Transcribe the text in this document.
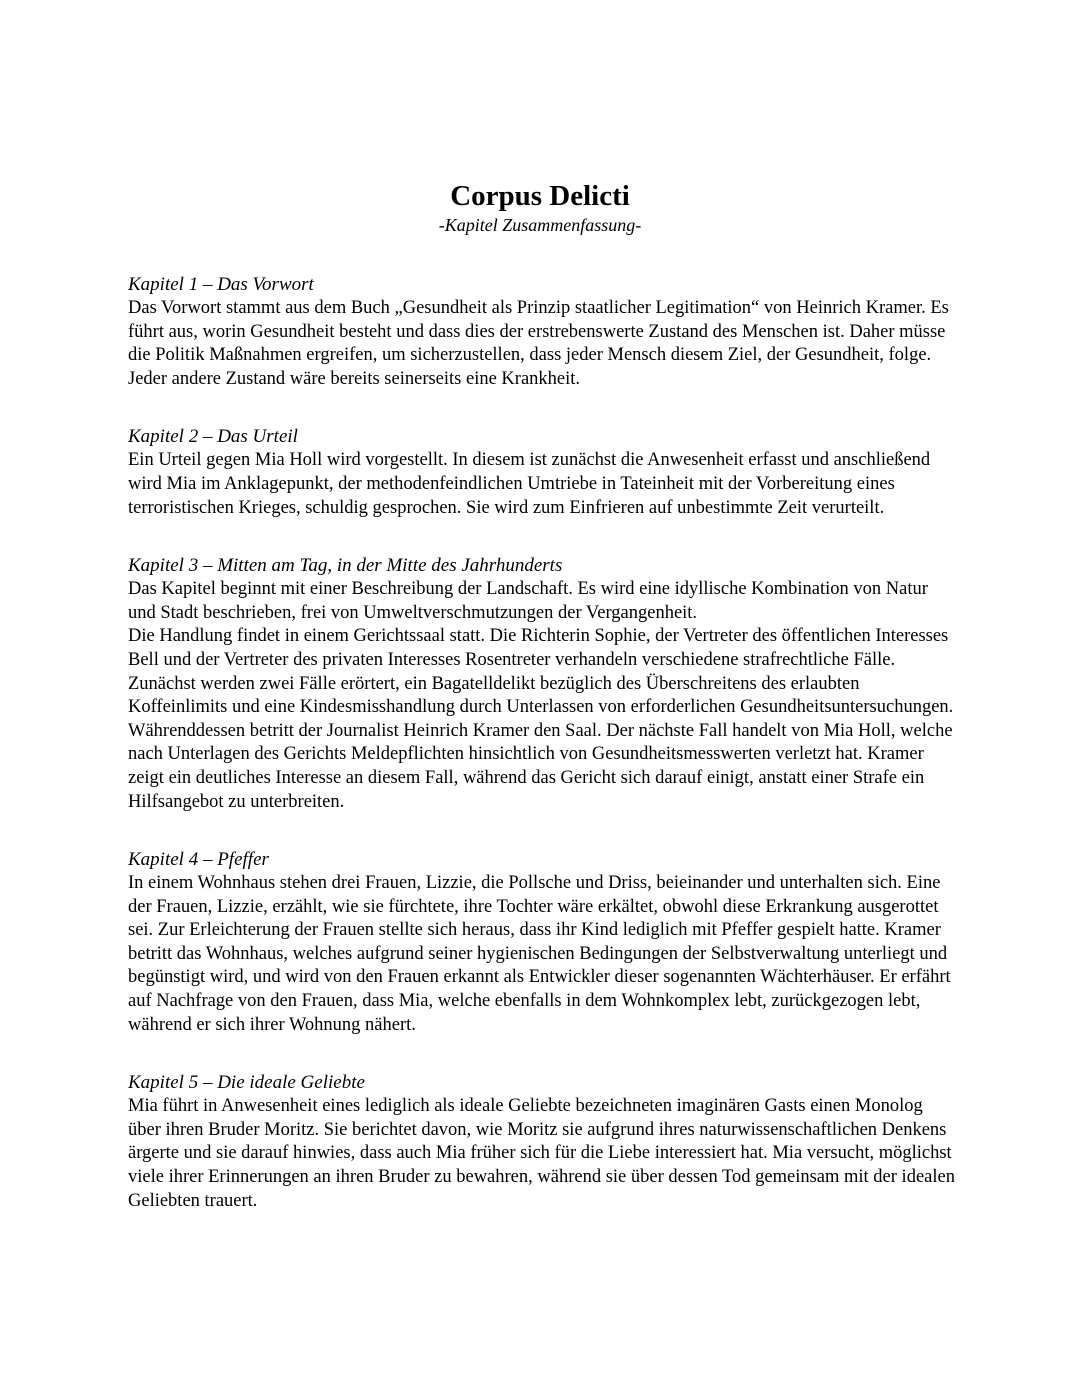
Corpus Delicti

-Kapitel Zusammenfassung-

Kapitel 1 – Das Vorwort

Das Vorwort stammt aus dem Buch „Gesundheit als Prinzip staatlicher Legitimation“ von Heinrich Kramer. Es führt aus, worin Gesundheit besteht und dass dies der erstrebenswerte Zustand des Menschen ist. Daher müsse die Politik Maßnahmen ergreifen, um sicherzustellen, dass jeder Mensch diesem Ziel, der Gesundheit, folge. Jeder andere Zustand wäre bereits seinerseits eine Krankheit.

Kapitel 2 – Das Urteil

Ein Urteil gegen Mia Holl wird vorgestellt. In diesem ist zunächst die Anwesenheit erfasst und anschließend wird Mia im Anklagepunkt, der methodenfeindlichen Umtriebe in Tateinheit mit der Vorbereitung eines terroristischen Krieges, schuldig gesprochen. Sie wird zum Einfrieren auf unbestimmte Zeit verurteilt.

Kapitel 3 – Mitten am Tag, in der Mitte des Jahrhunderts

Das Kapitel beginnt mit einer Beschreibung der Landschaft. Es wird eine idyllische Kombination von Natur und Stadt beschrieben, frei von Umweltverschmutzungen der Vergangenheit.

Die Handlung findet in einem Gerichtssaal statt. Die Richterin Sophie, der Vertreter des öffentlichen Interesses Bell und der Vertreter des privaten Interesses Rosentreter verhandeln verschiedene strafrechtliche Fälle. Zunächst werden zwei Fälle erörtert, ein Bagatelldelikt bezüglich des Überschreitens des erlaubten Koffeinlimits und eine Kindesmisshandlung durch Unterlassen von erforderlichen Gesundheitsuntersuchungen. Währenddessen betritt der Journalist Heinrich Kramer den Saal. Der nächste Fall handelt von Mia Holl, welche nach Unterlagen des Gerichts Meldepflichten hinsichtlich von Gesundheitsmesswerten verletzt hat. Kramer zeigt ein deutliches Interesse an diesem Fall, während das Gericht sich darauf einigt, anstatt einer Strafe ein Hilfsangebot zu unterbreiten.

Kapitel 4 – Pfeffer

In einem Wohnhaus stehen drei Frauen, Lizzie, die Pollsche und Driss, beieinander und unterhalten sich. Eine der Frauen, Lizzie, erzählt, wie sie fürchtete, ihre Tochter wäre erkältet, obwohl diese Erkrankung ausgerottet sei. Zur Erleichterung der Frauen stellte sich heraus, dass ihr Kind lediglich mit Pfeffer gespielt hatte. Kramer betritt das Wohnhaus, welches aufgrund seiner hygienischen Bedingungen der Selbstverwaltung unterliegt und begünstigt wird, und wird von den Frauen erkannt als Entwickler dieser sogenannten Wächterhäuser. Er erfährt auf Nachfrage von den Frauen, dass Mia, welche ebenfalls in dem Wohnkomplex lebt, zurückgezogen lebt, während er sich ihrer Wohnung nähert.

Kapitel 5 – Die ideale Geliebte

Mia führt in Anwesenheit eines lediglich als ideale Geliebte bezeichneten imaginären Gasts einen Monolog über ihren Bruder Moritz. Sie berichtet davon, wie Moritz sie aufgrund ihres naturwissenschaftlichen Denkens ärgerte und sie darauf hinwies, dass auch Mia früher sich für die Liebe interessiert hat. Mia versucht, möglichst viele ihrer Erinnerungen an ihren Bruder zu bewahren, während sie über dessen Tod gemeinsam mit der idealen Geliebten trauert.
